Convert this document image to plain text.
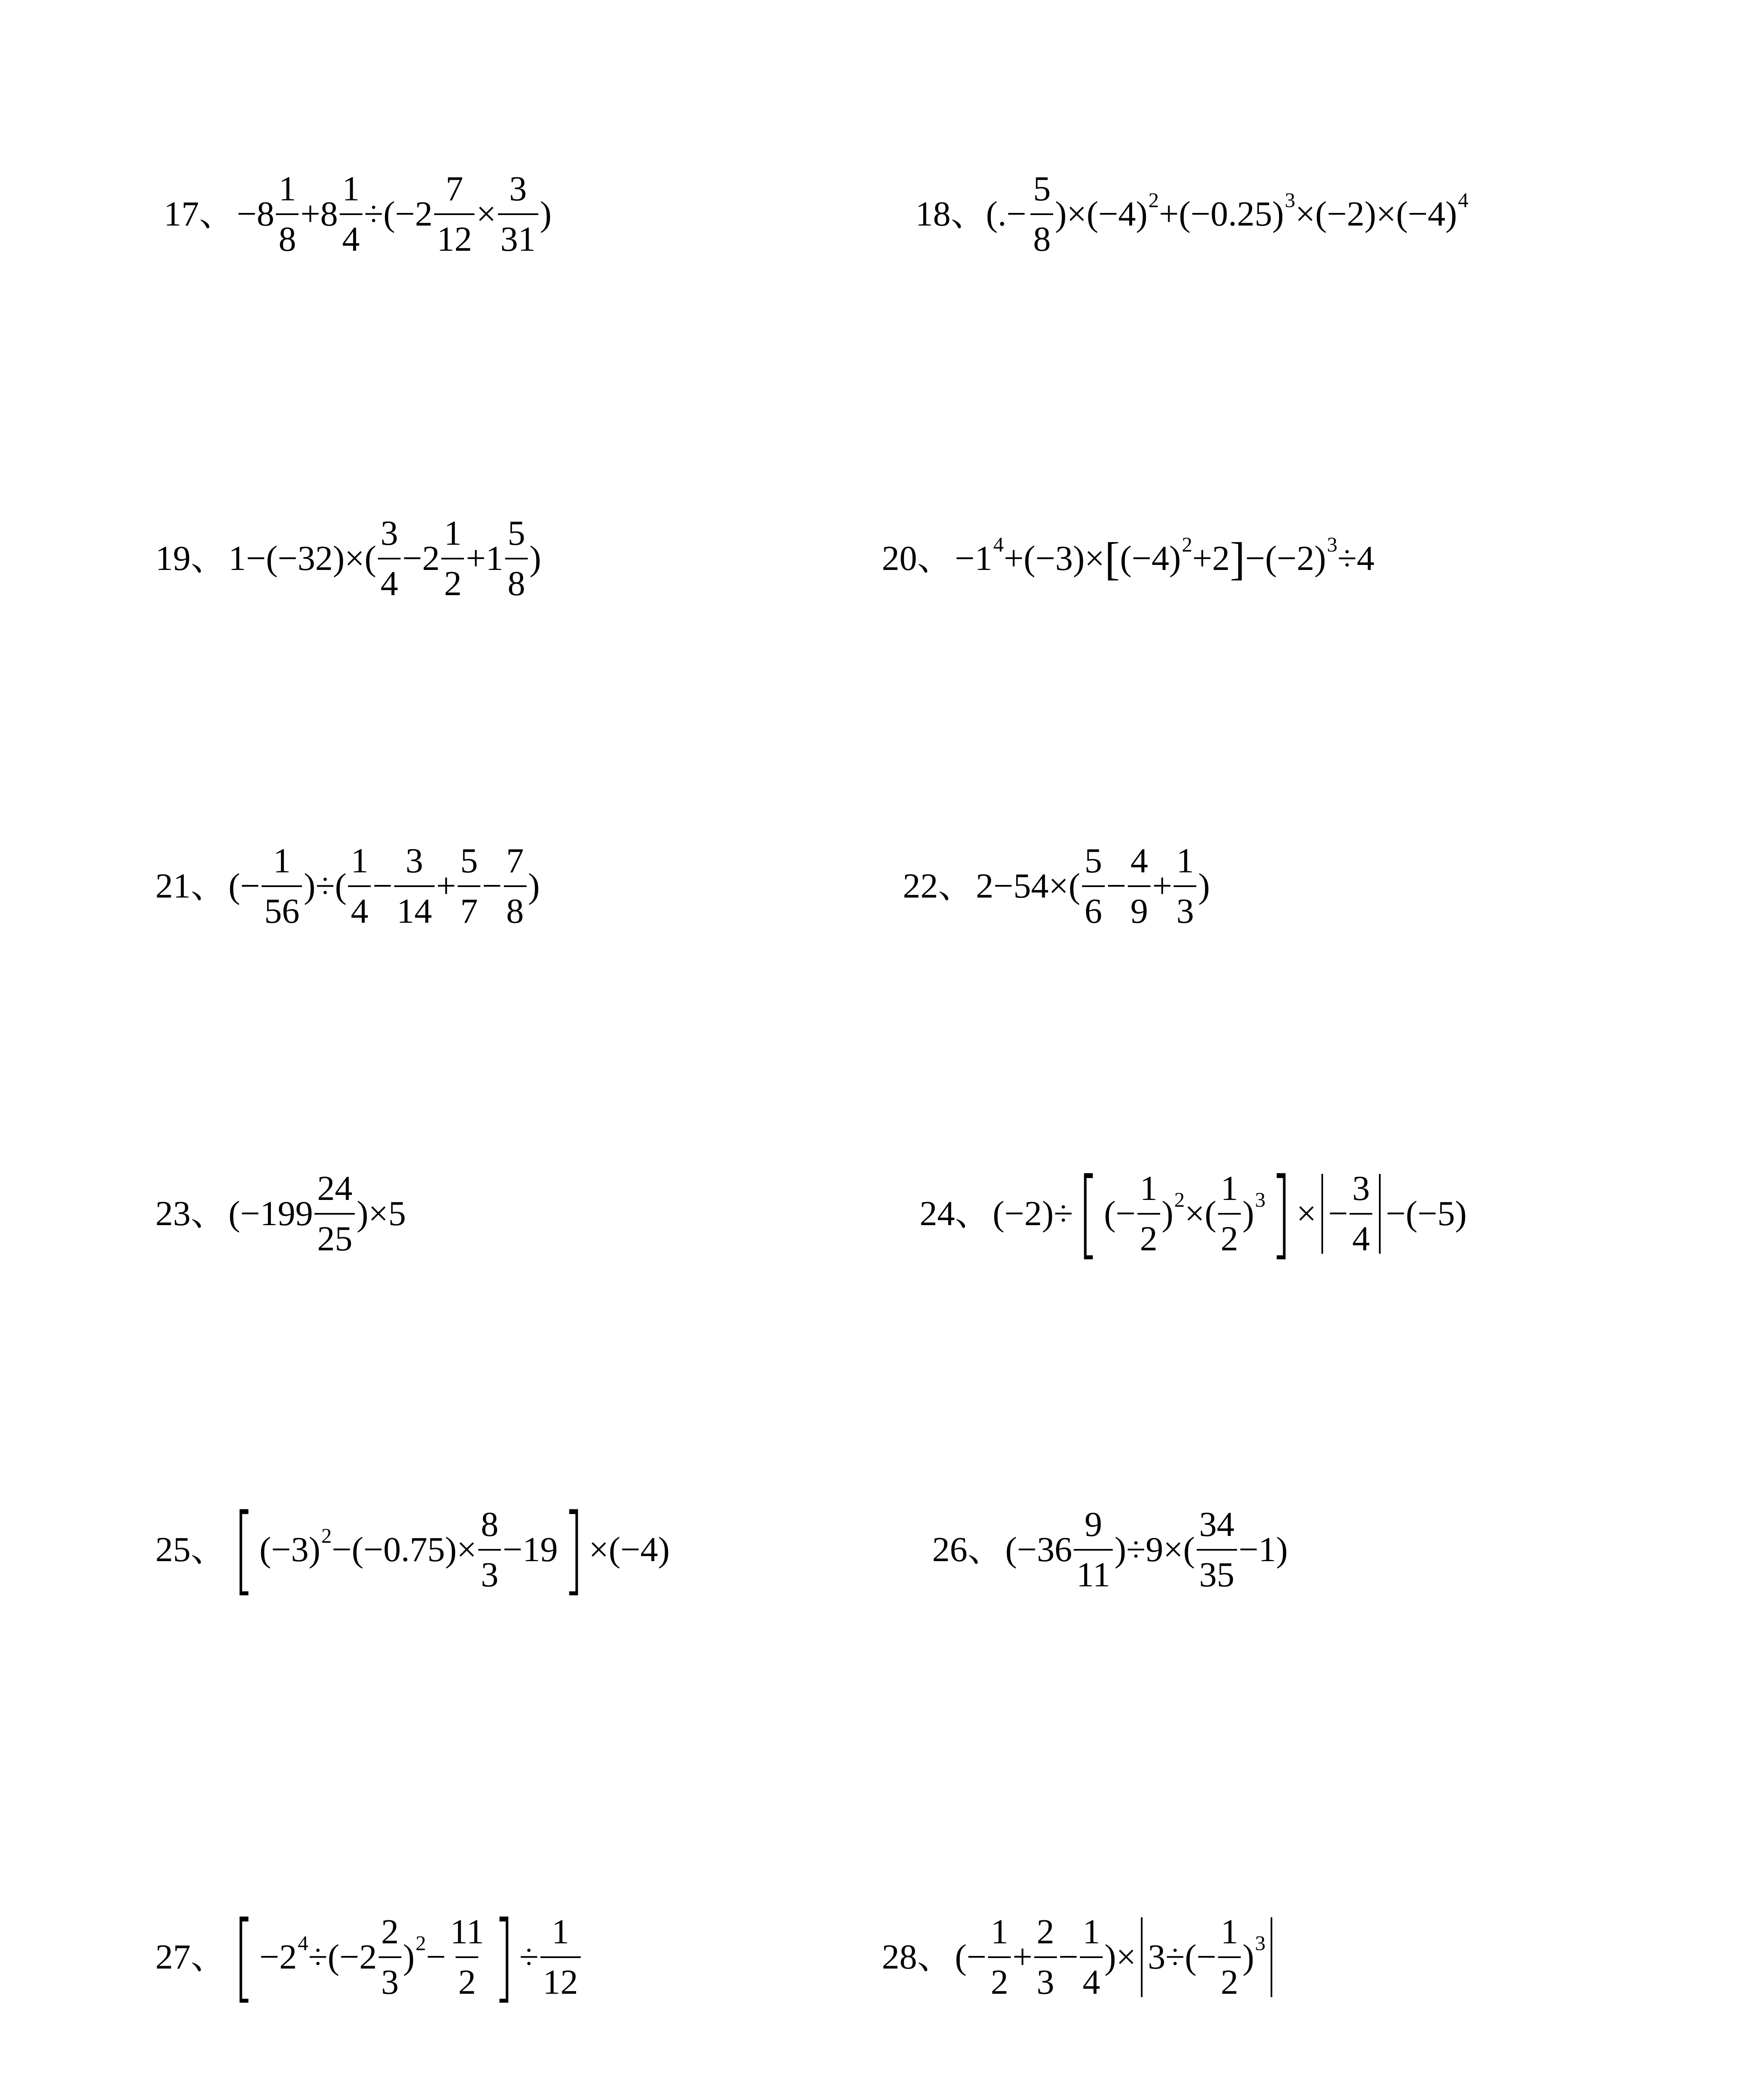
17、 $-8 \frac{1}{8} +8 \frac{1}{4} \div(-2 \frac{7}{12} \times \frac{3}{31}$ )	18、(.− $\frac{5}{8} )\times(-4)$ 2 +(−0.25) 3 ×(−2)×(−4) 4
19、 $1-(-32)\times( \frac{3}{4} -2 \frac{1}{2} +1 \frac{5}{8}$ )	20、 −1 4 +(−3)× [ (−4) 2 +2 ] −(−2) 3 ÷4
21、 (− $\frac{1}{56}$ )÷( $\frac{1}{4} - \frac{3}{14} + \frac{5}{7} - \frac{7}{8}$ )	22、 $2-54\times( \frac{5}{6} - \frac{4}{9} + \frac{1}{3}$ )
23、 $(-199 \frac{24}{25} )\times 5$	24、 (−2)÷ [ (− $\frac{1}{2}$ ) 2 ×( $\frac{1}{2}$ ) 3 ] × − $\frac{3}{4} -(-5)$
25、 [ (−3) $2 -(-0.75)\times \frac{8}{3} -19$ ] ×(−4)	26、 $(-36 \frac{9}{11} )\div 9\times( \frac{34}{35} -1)$
27、 [ −2 $4 \div(-2 \frac{2}{3}$ ) $2 - \frac{11}{2}$ ] ÷ $\frac{1}{12}$	28、 (− $\frac{1}{2} + \frac{2}{3} - \frac{1}{4}$ )× $3\div(- \frac{1}{2}$ ) 3
